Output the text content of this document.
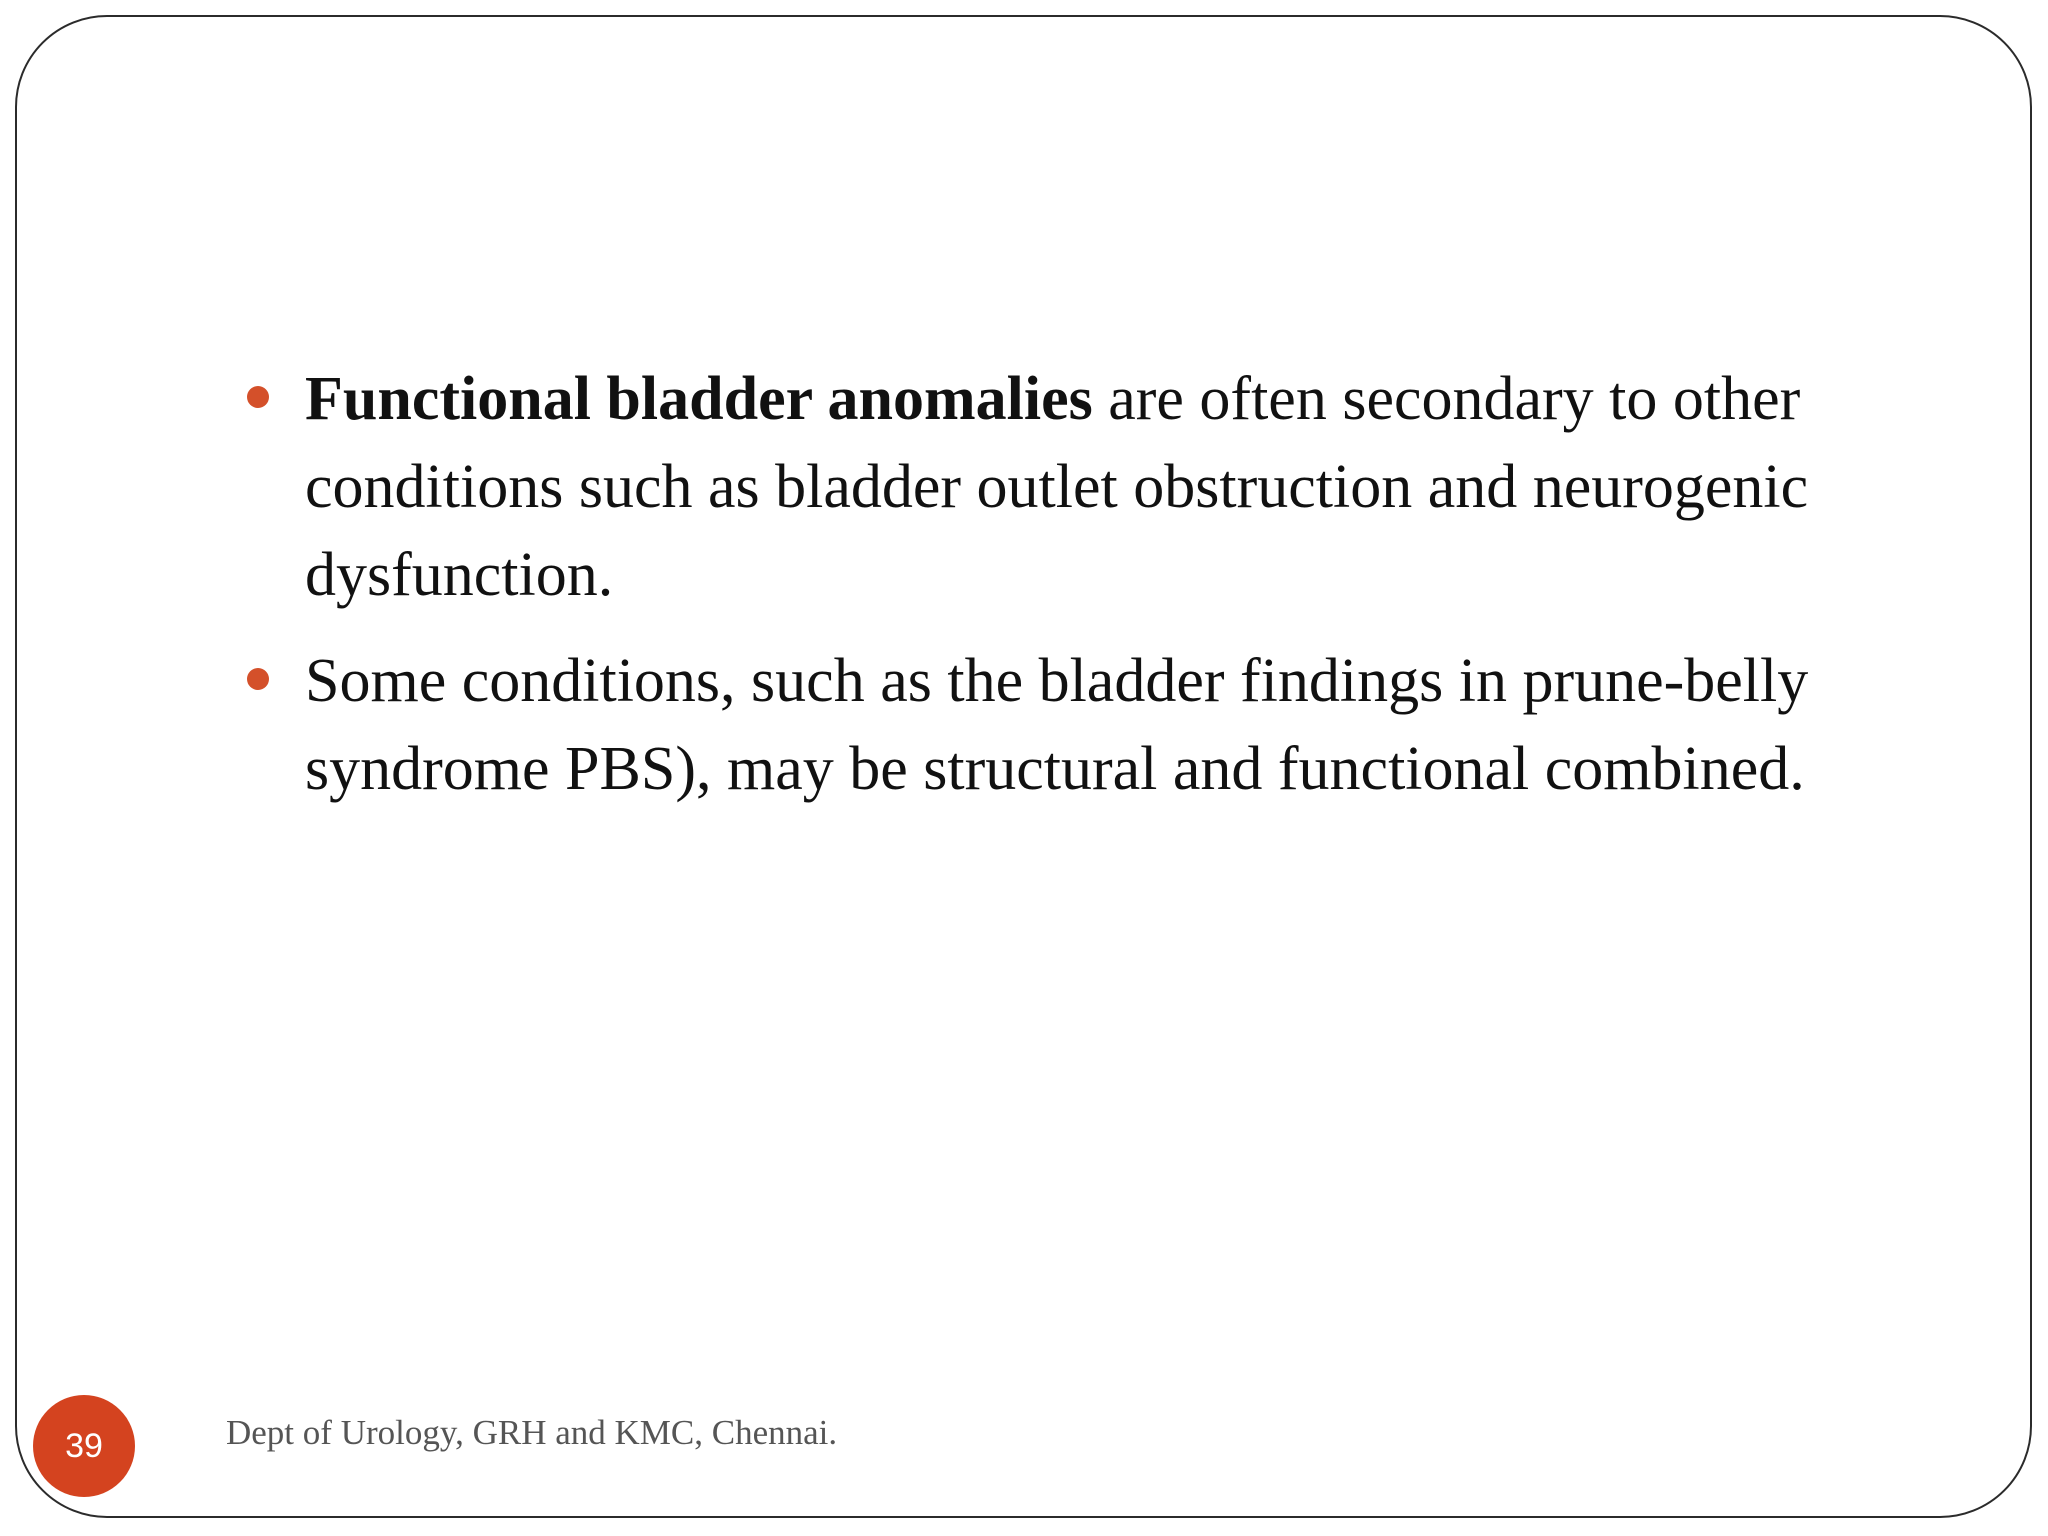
Functional bladder anomalies are often secondary to other conditions such as bladder outlet obstruction and neurogenic dysfunction.
Some conditions, such as the bladder findings in prune-belly syndrome PBS), may be structural and functional combined.
39	Dept of Urology, GRH and KMC, Chennai.
